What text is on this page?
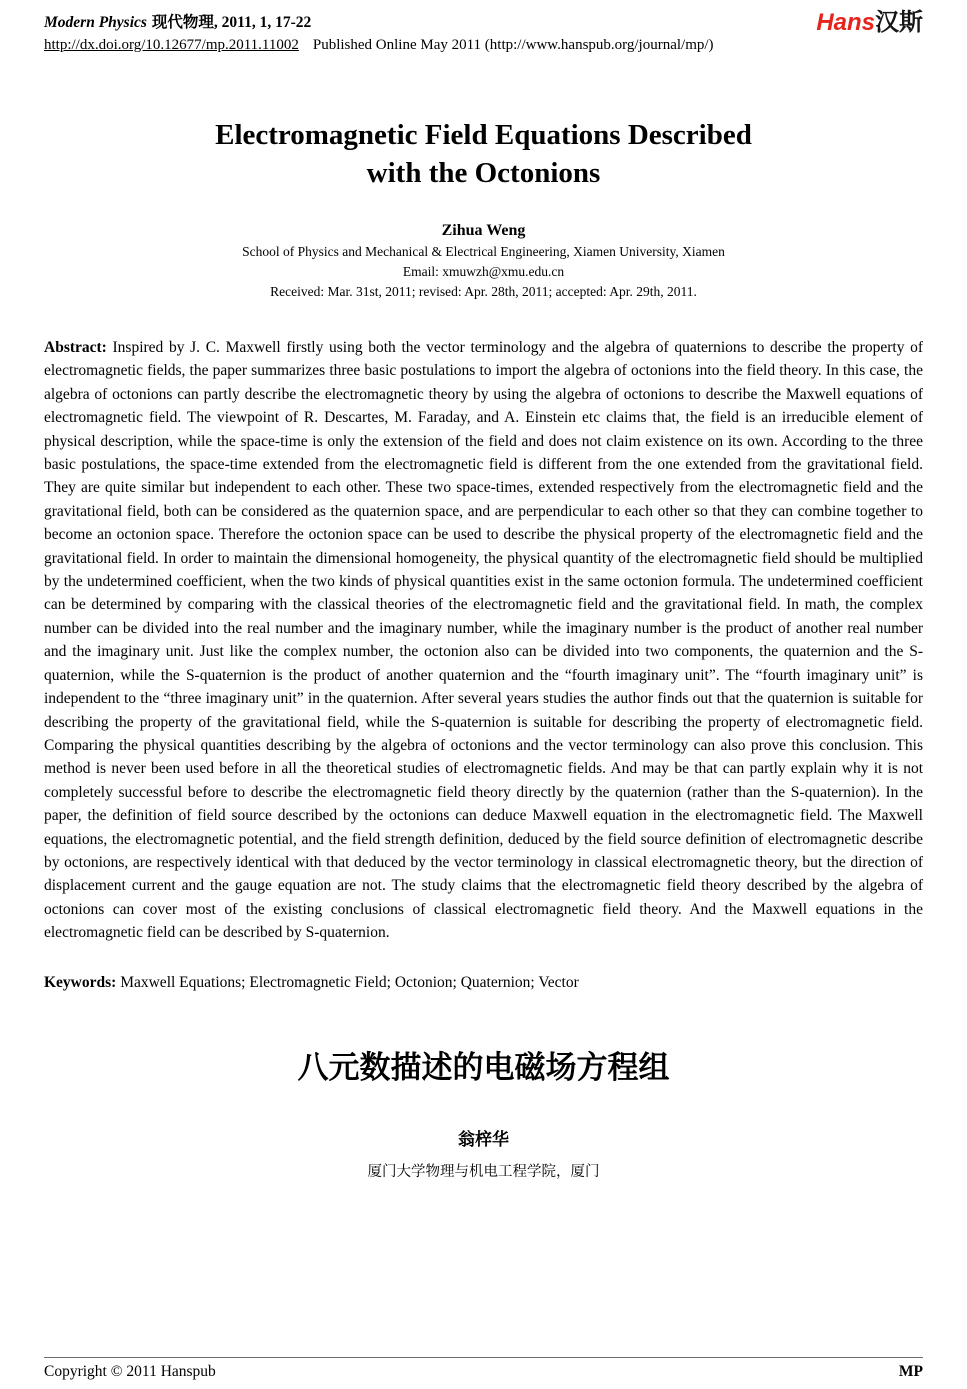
Modern Physics 现代物理, 2011, 1, 17-22
http://dx.doi.org/10.12677/mp.2011.11002 Published Online May 2011 (http://www.hanspub.org/journal/mp/)
Hans汉斯
Electromagnetic Field Equations Described
with the Octonions
Zihua Weng
School of Physics and Mechanical & Electrical Engineering, Xiamen University, Xiamen
Email: xmuwzh@xmu.edu.cn
Received: Mar. 31st, 2011; revised: Apr. 28th, 2011; accepted: Apr. 29th, 2011.

Abstract: Inspired by J. C. Maxwell firstly using both the vector terminology and the algebra of quaternions to describe the property of electromagnetic fields, the paper summarizes three basic postulations to import the algebra of octonions into the field theory. In this case, the algebra of octonions can partly describe the electromagnetic theory by using the algebra of octonions to describe the Maxwell equations of electromagnetic field. The viewpoint of R. Descartes, M. Faraday, and A. Einstein etc claims that, the field is an irreducible element of physical description, while the space-time is only the extension of the field and does not claim existence on its own. According to the three basic postulations, the space-time extended from the electromagnetic field is different from the one extended from the gravitational field. They are quite similar but independent to each other. These two space-times, extended respectively from the electromagnetic field and the gravitational field, both can be considered as the quaternion space, and are perpendicular to each other so that they can combine together to become an octonion space. Therefore the octonion space can be used to describe the physical property of the electromagnetic field and the gravitational field. In order to maintain the dimensional homogeneity, the physical quantity of the electromagnetic field should be multiplied by the undetermined coefficient, when the two kinds of physical quantities exist in the same octonion formula. The undetermined coefficient can be determined by comparing with the classical theories of the electromagnetic field and the gravitational field. In math, the complex number can be divided into the real number and the imaginary number, while the imaginary number is the product of another real number and the imaginary unit. Just like the complex number, the octonion also can be divided into two components, the quaternion and the S-quaternion, while the S-quaternion is the product of another quaternion and the “fourth imaginary unit”. The “fourth imaginary unit” is independent to the “three imaginary unit” in the quaternion. After several years studies the author finds out that the quaternion is suitable for describing the property of the gravitational field, while the S-quaternion is suitable for describing the property of electromagnetic field. Comparing the physical quantities describing by the algebra of octonions and the vector terminology can also prove this conclusion. This method is never been used before in all the theoretical studies of electromagnetic fields. And may be that can partly explain why it is not completely successful before to describe the electromagnetic field theory directly by the quaternion (rather than the S-quaternion). In the paper, the definition of field source described by the octonions can deduce Maxwell equation in the electromagnetic field. The Maxwell equations, the electromagnetic potential, and the field strength definition, deduced by the field source definition of electromagnetic describe by octonions, are respectively identical with that deduced by the vector terminology in classical electromagnetic theory, but the direction of displacement current and the gauge equation are not. The study claims that the electromagnetic field theory described by the algebra of octonions can cover most of the existing conclusions of classical electromagnetic field theory. And the Maxwell equations in the electromagnetic field can be described by S-quaternion.

Keywords: Maxwell Equations; Electromagnetic Field; Octonion; Quaternion; Vector

八元数描述的电磁场方程组
翁梓华
厦门大学物理与机电工程学院，厦门
Copyright © 2011 Hanspub	MP
